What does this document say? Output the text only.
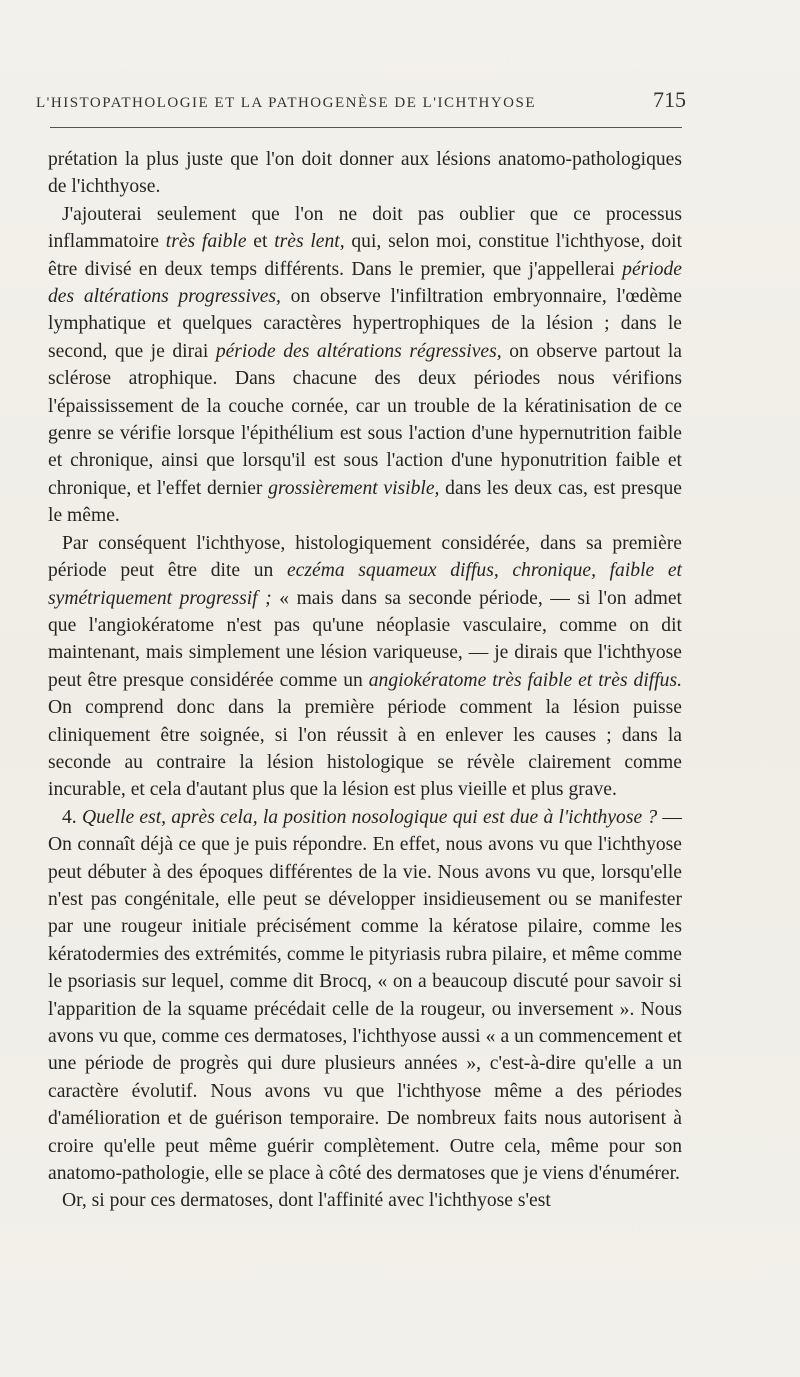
L'HISTOPATHOLOGIE ET LA PATHOGENÈSE DE L'ICHTHYOSE	715

prétation la plus juste que l'on doit donner aux lésions anatomo-pathologiques de l'ichthyose.

J'ajouterai seulement que l'on ne doit pas oublier que ce processus inflammatoire très faible et très lent, qui, selon moi, constitue l'ichthyose, doit être divisé en deux temps différents. Dans le premier, que j'appellerai période des altérations progressives, on observe l'infiltration embryonnaire, l'œdème lymphatique et quelques caractères hypertrophiques de la lésion ; dans le second, que je dirai période des altérations régressives, on observe partout la sclérose atrophique. Dans chacune des deux périodes nous vérifions l'épaississement de la couche cornée, car un trouble de la kératinisation de ce genre se vérifie lorsque l'épithélium est sous l'action d'une hypernutrition faible et chronique, ainsi que lorsqu'il est sous l'action d'une hyponutrition faible et chronique, et l'effet dernier grossièrement visible, dans les deux cas, est presque le même.

Par conséquent l'ichthyose, histologiquement considérée, dans sa première période peut être dite un eczéma squameux diffus, chronique, faible et symétriquement progressif ; « mais dans sa seconde période, — si l'on admet que l'angiokératome n'est pas qu'une néoplasie vasculaire, comme on dit maintenant, mais simplement une lésion variqueuse, — je dirais que l'ichthyose peut être presque considérée comme un angiokératome très faible et très diffus. On comprend donc dans la première période comment la lésion puisse cliniquement être soignée, si l'on réussit à en enlever les causes ; dans la seconde au contraire la lésion histologique se révèle clairement comme incurable, et cela d'autant plus que la lésion est plus vieille et plus grave.

4. Quelle est, après cela, la position nosologique qui est due à l'ichthyose ? — On connaît déjà ce que je puis répondre. En effet, nous avons vu que l'ichthyose peut débuter à des époques différentes de la vie. Nous avons vu que, lorsqu'elle n'est pas congénitale, elle peut se développer insidieusement ou se manifester par une rougeur initiale précisément comme la kératose pilaire, comme les kératodermies des extrémités, comme le pityriasis rubra pilaire, et même comme le psoriasis sur lequel, comme dit Brocq, « on a beaucoup discuté pour savoir si l'apparition de la squame précédait celle de la rougeur, ou inversement ». Nous avons vu que, comme ces dermatoses, l'ichthyose aussi « a un commencement et une période de progrès qui dure plusieurs années », c'est-à-dire qu'elle a un caractère évolutif. Nous avons vu que l'ichthyose même a des périodes d'amélioration et de guérison temporaire. De nombreux faits nous autorisent à croire qu'elle peut même guérir complètement. Outre cela, même pour son anatomo-pathologie, elle se place à côté des dermatoses que je viens d'énumérer.

Or, si pour ces dermatoses, dont l'affinité avec l'ichthyose s'est
